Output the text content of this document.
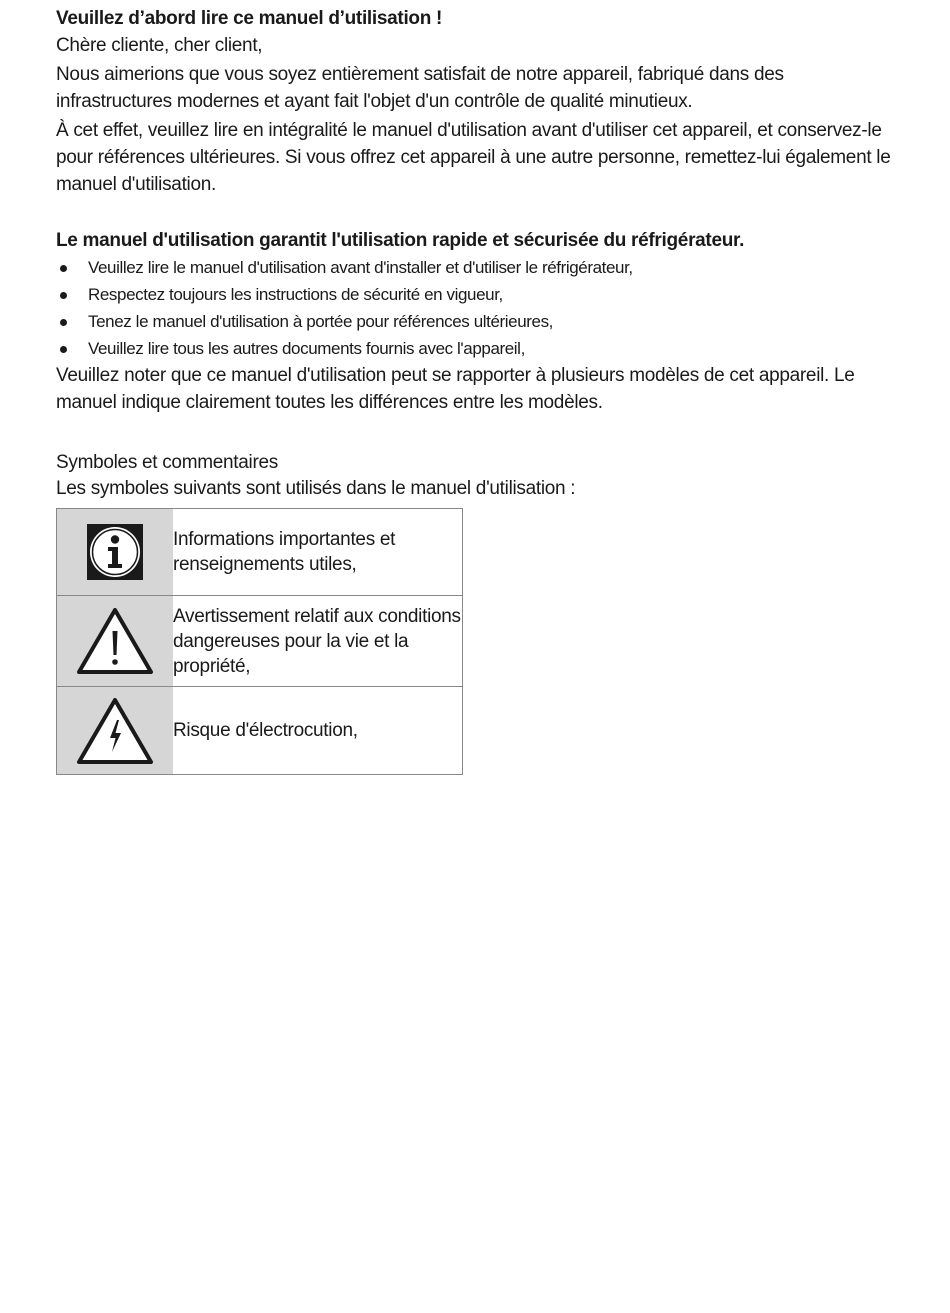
Veuillez d’abord lire ce manuel d’utilisation !

Chère cliente, cher client,

Nous aimerions que vous soyez entièrement satisfait de notre appareil, fabriqué dans des infrastructures modernes et ayant fait l'objet d'un contrôle de qualité minutieux.

À cet effet, veuillez lire en intégralité le manuel d'utilisation avant d'utiliser cet appareil, et conservez-le pour références ultérieures. Si vous offrez cet appareil à une autre personne, remettez-lui également le manuel d'utilisation.

Le manuel d'utilisation garantit l'utilisation rapide et sécurisée du réfrigérateur.

Veuillez lire le manuel d'utilisation avant d'installer et d'utiliser le réfrigérateur,
Respectez toujours les instructions de sécurité en vigueur,
Tenez le manuel d'utilisation à portée pour références ultérieures,
Veuillez lire tous les autres documents fournis avec l'appareil,

Veuillez noter que ce manuel d'utilisation peut se rapporter à plusieurs modèles de cet appareil. Le manuel indique clairement toutes les différences entre les modèles.

Symboles et commentaires

Les symboles suivants sont utilisés dans le manuel d'utilisation :

	Informations importantes et renseignements utiles,

	Avertissement relatif aux conditions dangereuses pour la vie et la propriété,

	Risque d'électrocution,
